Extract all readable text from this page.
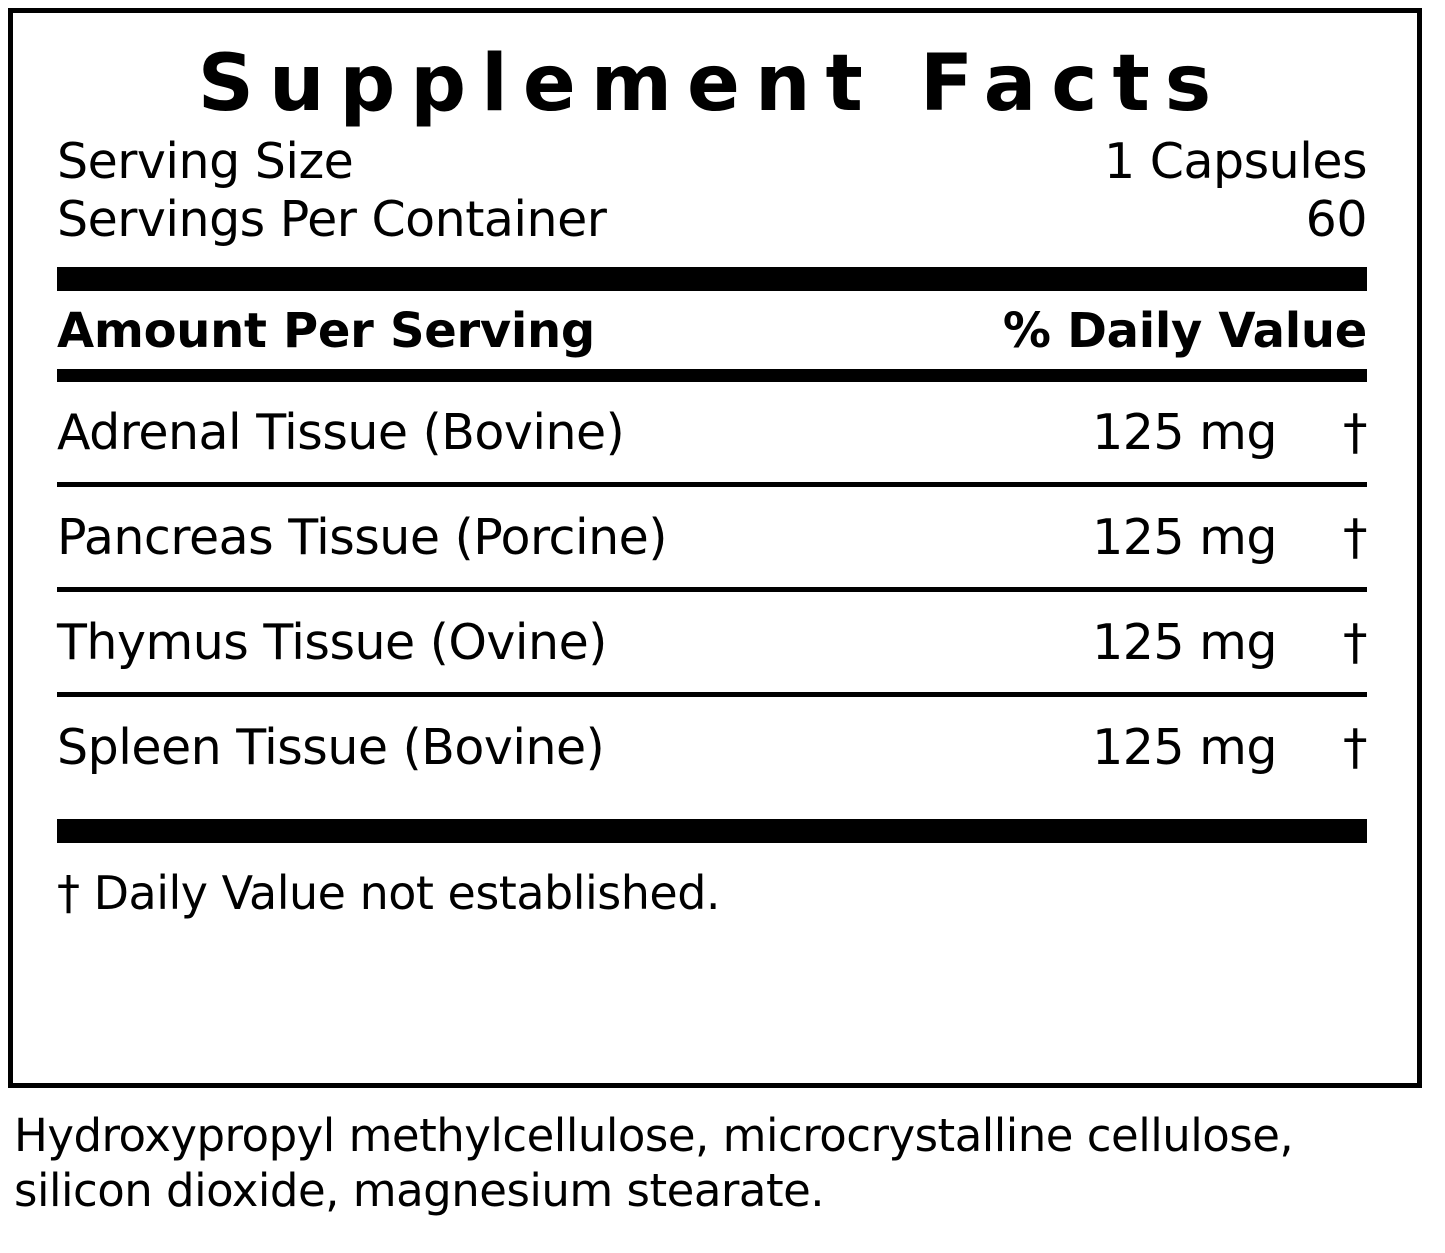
Supplement Facts
Serving Size	1 Capsules
Servings Per Container	60
Amount Per Serving	% Daily Value
Adrenal Tissue (Bovine)	125 mg	†
Pancreas Tissue (Porcine)	125 mg	†
Thymus Tissue (Ovine)	125 mg	†
Spleen Tissue (Bovine)	125 mg	†
† Daily Value not established.
Hydroxypropyl methylcellulose, microcrystalline cellulose, silicon dioxide, magnesium stearate.
